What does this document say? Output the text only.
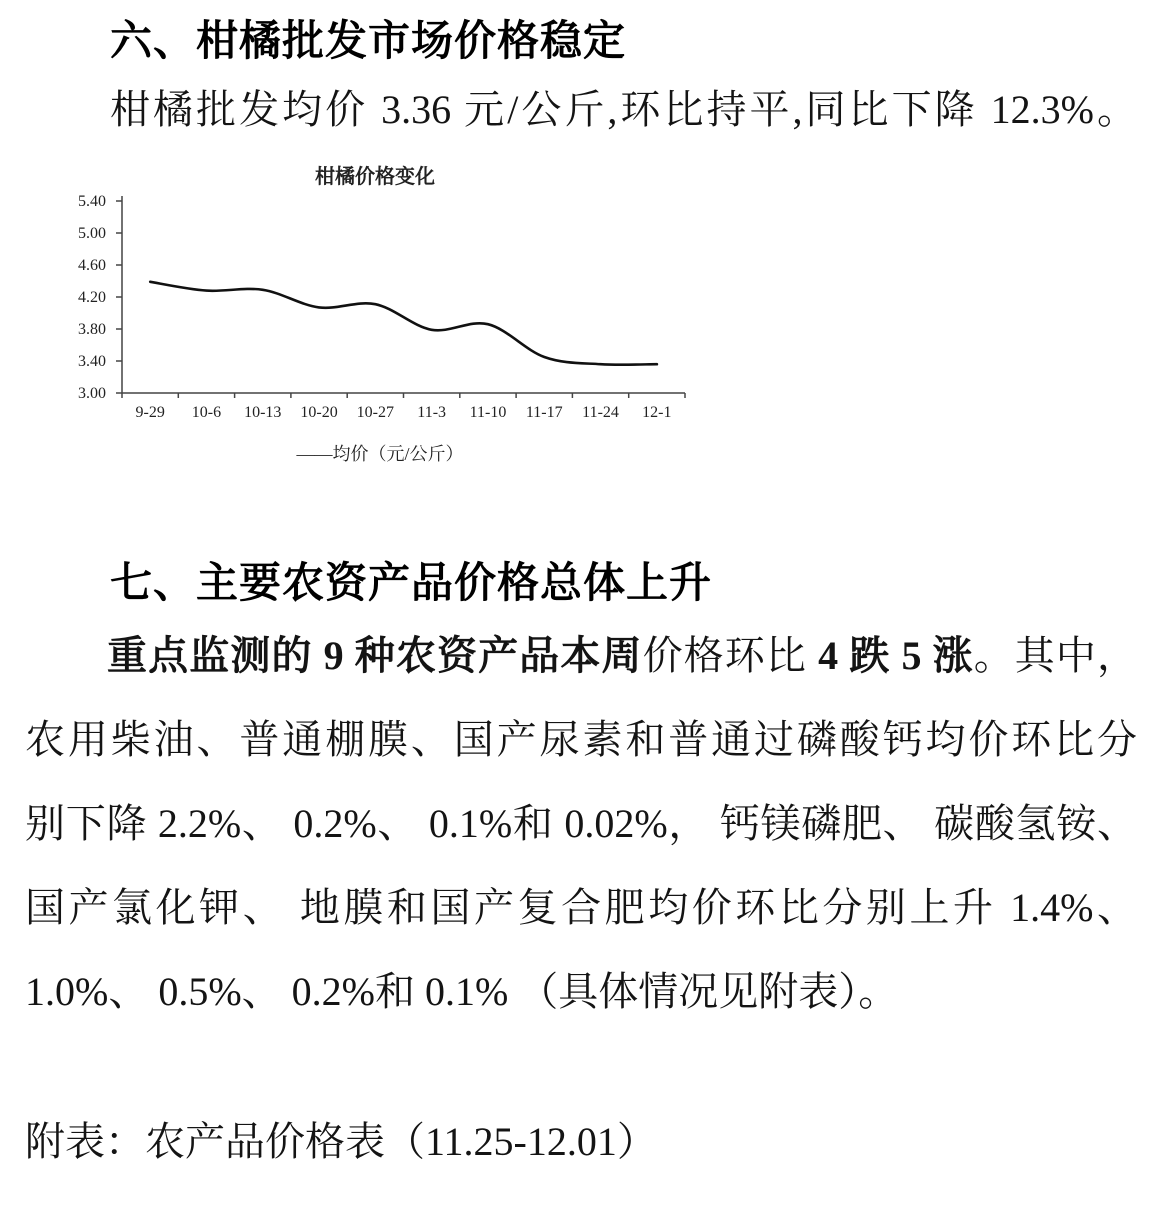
六、柑橘批发市场价格稳定
柑橘批发均价 3.36 元/公斤,环比持平,同比下降 12.3%。
柑橘价格变化
3.00
3.40
3.80
4.20
4.60
5.00
5.40
9-29 10-6 10-13 10-20 10-27 11-3 11-10 11-17 11-24 12-1
——均价（元/公斤）
七、主要农资产品价格总体上升
重点监测的 9 种农资产品本周价格环比 4 跌 5 涨。其中，
农用柴油、普通棚膜、国产尿素和普通过磷酸钙均价环比分
别下降 2.2%、 0.2%、 0.1%和 0.02%， 钙镁磷肥、 碳酸氢铵、
国产氯化钾、 地膜和国产复合肥均价环比分别上升 1.4%、
1.0%、 0.5%、 0.2%和 0.1% （具体情况见附表）。
附表：农产品价格表（11.25-12.01）
